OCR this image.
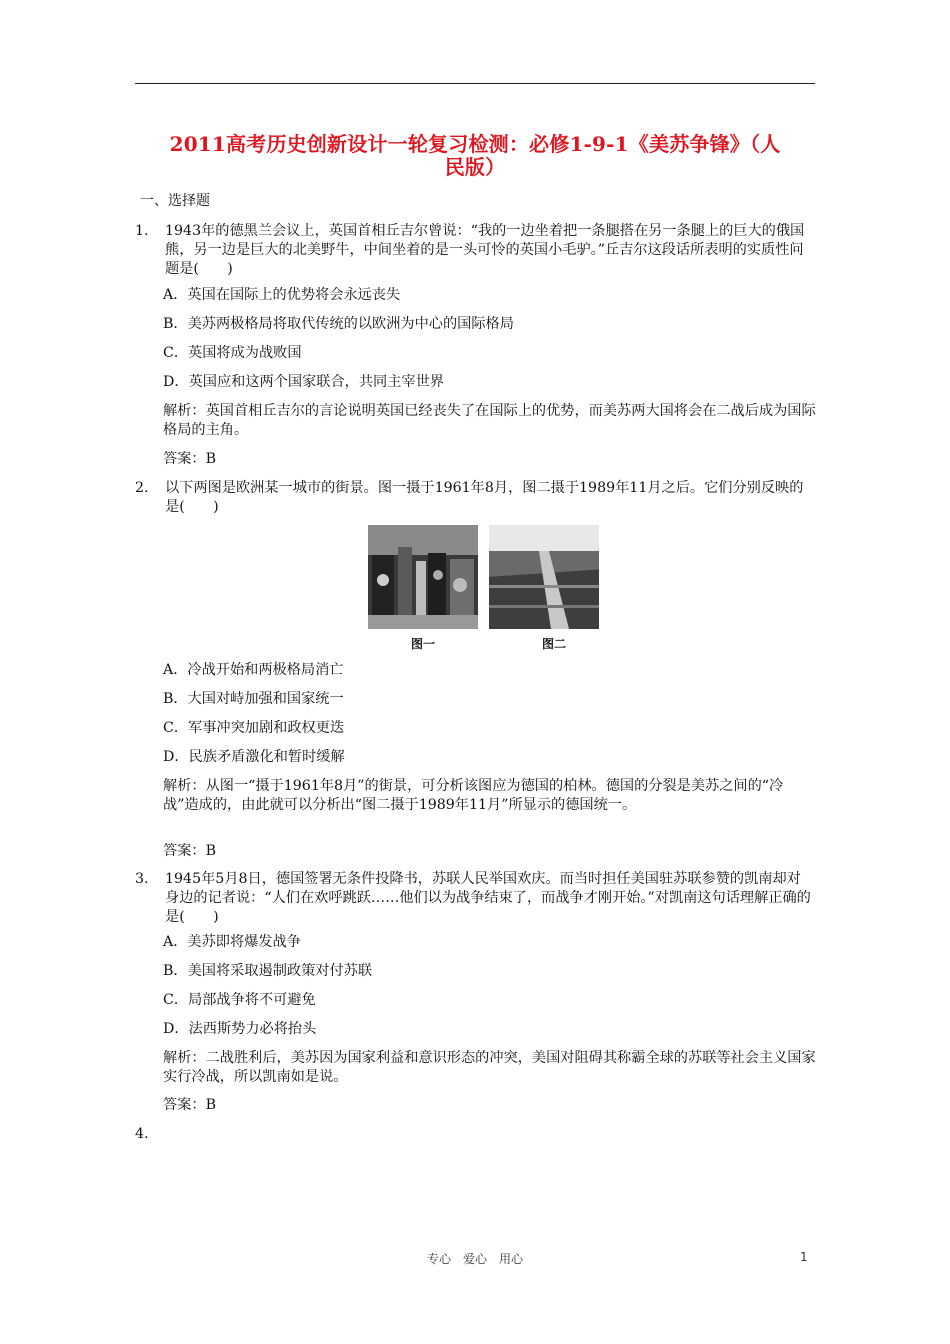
2011高考历史创新设计一轮复习检测：必修1-9-1《美苏争锋》（人
民版）
一、选择题
1. 1943年的德黑兰会议上，英国首相丘吉尔曾说：“我的一边坐着把一条腿搭在另一条腿上的巨大的俄国熊，另一边是巨大的北美野牛，中间坐着的是一头可怜的英国小毛驴。”丘吉尔这段话所表明的实质性问题是(　　)
A．英国在国际上的优势将会永远丧失
B．美苏两极格局将取代传统的以欧洲为中心的国际格局
C．英国将成为战败国
D．英国应和这两个国家联合，共同主宰世界
解析：英国首相丘吉尔的言论说明英国已经丧失了在国际上的优势，而美苏两大国将会在二战后成为国际格局的主角。
答案：B
2. 以下两图是欧洲某一城市的街景。图一摄于1961年8月，图二摄于1989年11月之后。它们分别反映的是(　　)
图一	图二
A．冷战开始和两极格局消亡
B．大国对峙加强和国家统一
C．军事冲突加剧和政权更迭
D．民族矛盾激化和暂时缓解
解析：从图一“摄于1961年8月”的街景，可分析该图应为德国的柏林。德国的分裂是美苏之间的“冷战”造成的，由此就可以分析出“图二摄于1989年11月”所显示的德国统一。
答案：B
3. 1945年5月8日，德国签署无条件投降书，苏联人民举国欢庆。而当时担任美国驻苏联参赞的凯南却对身边的记者说：“人们在欢呼跳跃……他们以为战争结束了，而战争才刚开始。”对凯南这句话理解正确的是(　　)
A．美苏即将爆发战争
B．美国将采取遏制政策对付苏联
C．局部战争将不可避免
D．法西斯势力必将抬头
解析：二战胜利后，美苏因为国家利益和意识形态的冲突，美国对阻碍其称霸全球的苏联等社会主义国家实行冷战，所以凯南如是说。
答案：B
4.
专心　爱心　用心	1
